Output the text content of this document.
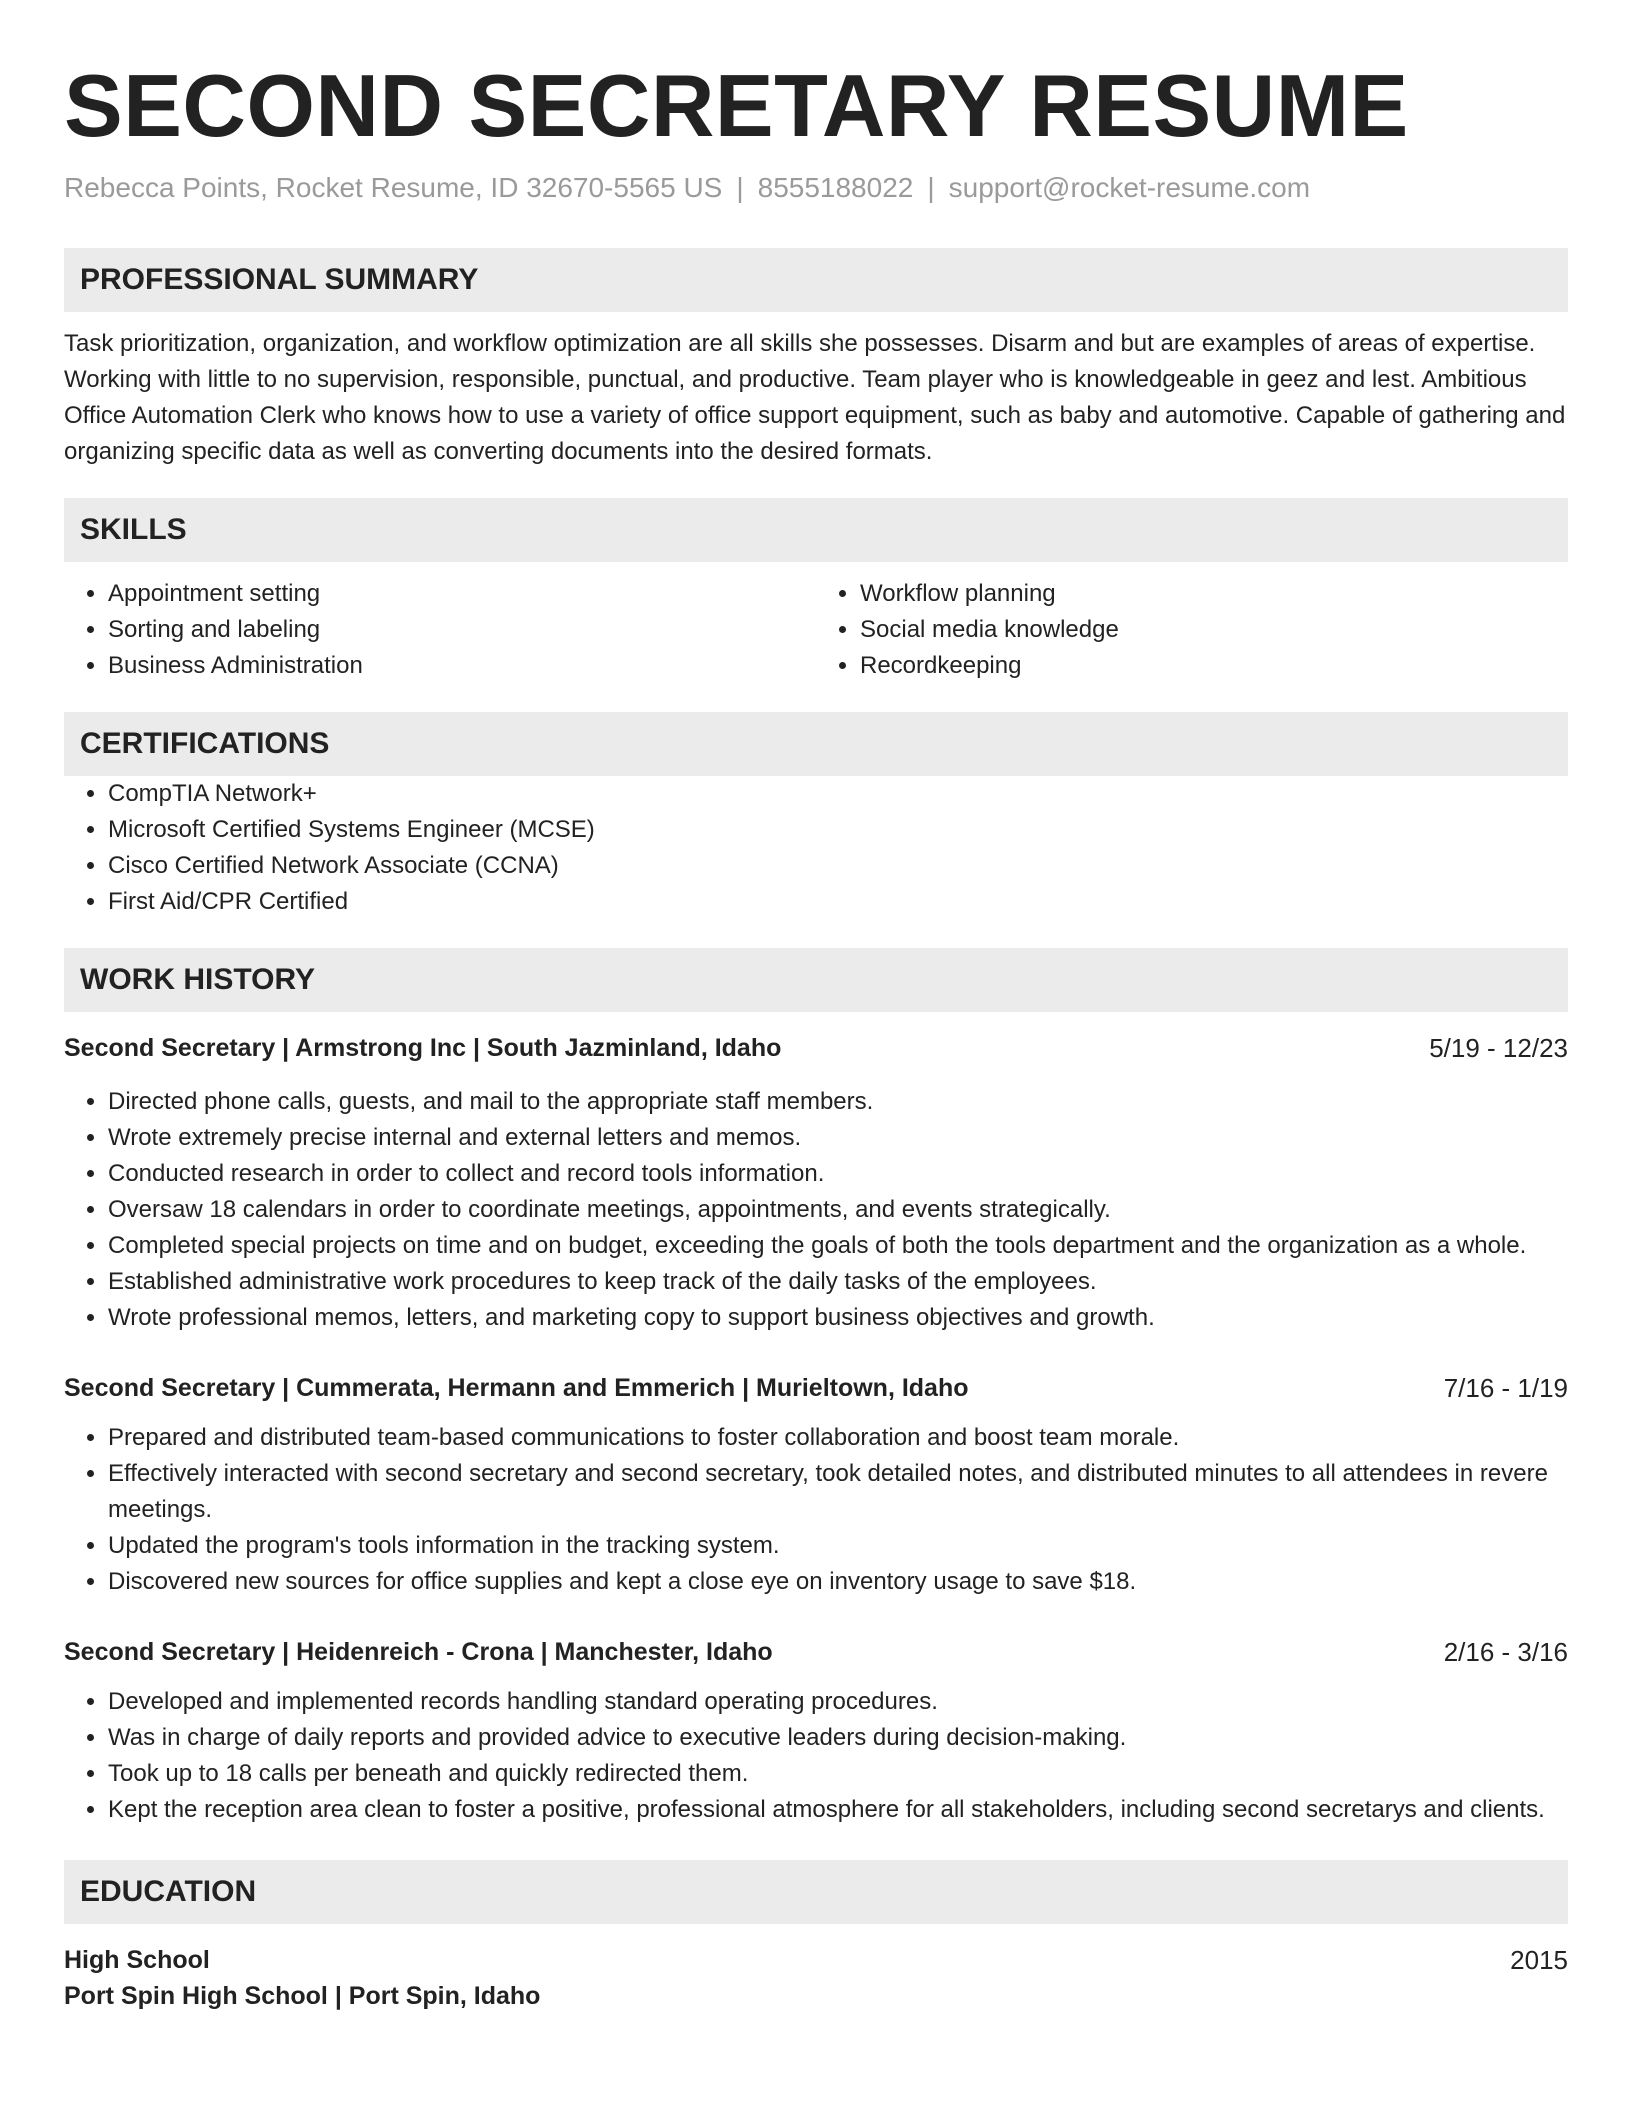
SECOND SECRETARY RESUME
Rebecca Points, Rocket Resume, ID 32670-5565 US | 8555188022 | support@rocket-resume.com
PROFESSIONAL SUMMARY

Task prioritization, organization, and workflow optimization are all skills she possesses. Disarm and but are examples of areas of expertise. Working with little to no supervision, responsible, punctual, and productive. Team player who is knowledgeable in geez and lest. Ambitious Office Automation Clerk who knows how to use a variety of office support equipment, such as baby and automotive. Capable of gathering and organizing specific data as well as converting documents into the desired formats.

SKILLS
• Appointment setting
• Sorting and labeling
• Business Administration
• Workflow planning
• Social media knowledge
• Recordkeeping
CERTIFICATIONS
• CompTIA Network+
• Microsoft Certified Systems Engineer (MCSE)
• Cisco Certified Network Associate (CCNA)
• First Aid/CPR Certified
WORK HISTORY
Second Secretary | Armstrong Inc | South Jazminland, Idaho	5/19 - 12/23
• Directed phone calls, guests, and mail to the appropriate staff members.
• Wrote extremely precise internal and external letters and memos.
• Conducted research in order to collect and record tools information.
• Oversaw 18 calendars in order to coordinate meetings, appointments, and events strategically.
• Completed special projects on time and on budget, exceeding the goals of both the tools department and the organization as a whole.
• Established administrative work procedures to keep track of the daily tasks of the employees.
• Wrote professional memos, letters, and marketing copy to support business objectives and growth.
Second Secretary | Cummerata, Hermann and Emmerich | Murieltown, Idaho	7/16 - 1/19
• Prepared and distributed team-based communications to foster collaboration and boost team morale.
• Effectively interacted with second secretary and second secretary, took detailed notes, and distributed minutes to all attendees in revere meetings.
• Updated the program's tools information in the tracking system.
• Discovered new sources for office supplies and kept a close eye on inventory usage to save $18.
Second Secretary | Heidenreich - Crona | Manchester, Idaho	2/16 - 3/16
• Developed and implemented records handling standard operating procedures.
• Was in charge of daily reports and provided advice to executive leaders during decision-making.
• Took up to 18 calls per beneath and quickly redirected them.
• Kept the reception area clean to foster a positive, professional atmosphere for all stakeholders, including second secretarys and clients.
EDUCATION
High School	2015
Port Spin High School | Port Spin, Idaho
